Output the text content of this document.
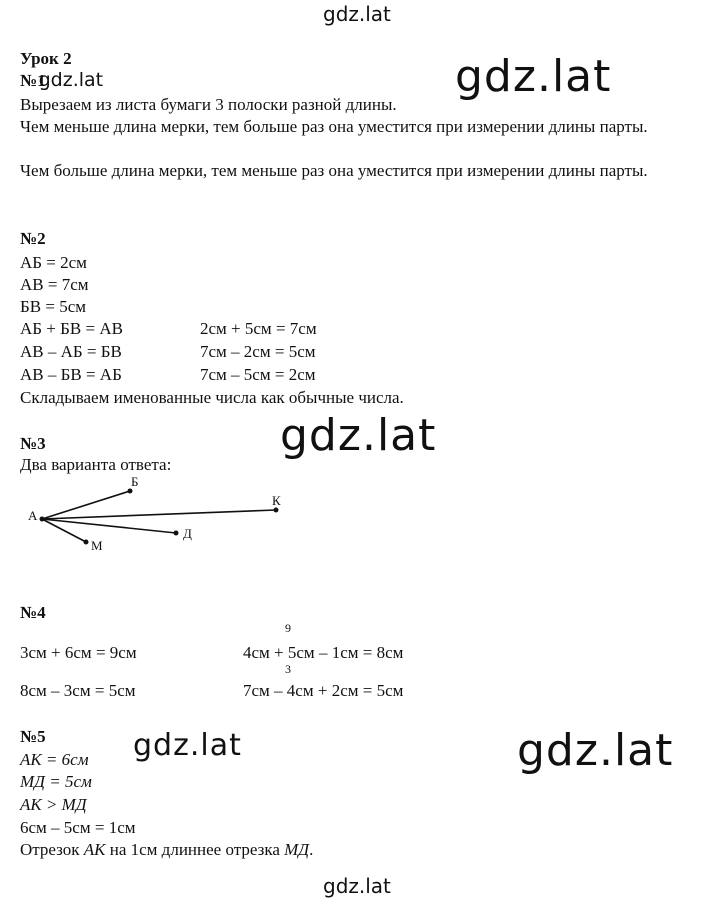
gdz.lat
gdz.lat
gdz.lat
gdz.lat	gdz.lat
gdz.lat
Урок 2
№1gdz.lat
Вырезаем из листа бумаги 3 полоски разной длины.
Чем меньше длина мерки, тем больше раз она уместится при измерении длины парты.
Чем больше длина мерки, тем меньше раз она уместится при измерении длины парты.
№2
АБ = 2см
АВ = 7см
БВ = 5см
АБ + БВ = АВ	2см + 5см = 7см
АВ – АБ = БВ	7см – 2см = 5см
АВ – БВ = АБ	7см – 5см = 2см
Складываем именованные числа как обычные числа.
№3
Два варианта ответа:
А
Б
К
Д
М
№4
9
3см + 6см = 9см	4см + 5см – 1см = 8см
3
8см – 3см = 5см	7см – 4см + 2см = 5см
№5
АК = 6см
МД = 5см
АК > МД
6см – 5см = 1см
Отрезок АК на 1см длиннее отрезка МД.
